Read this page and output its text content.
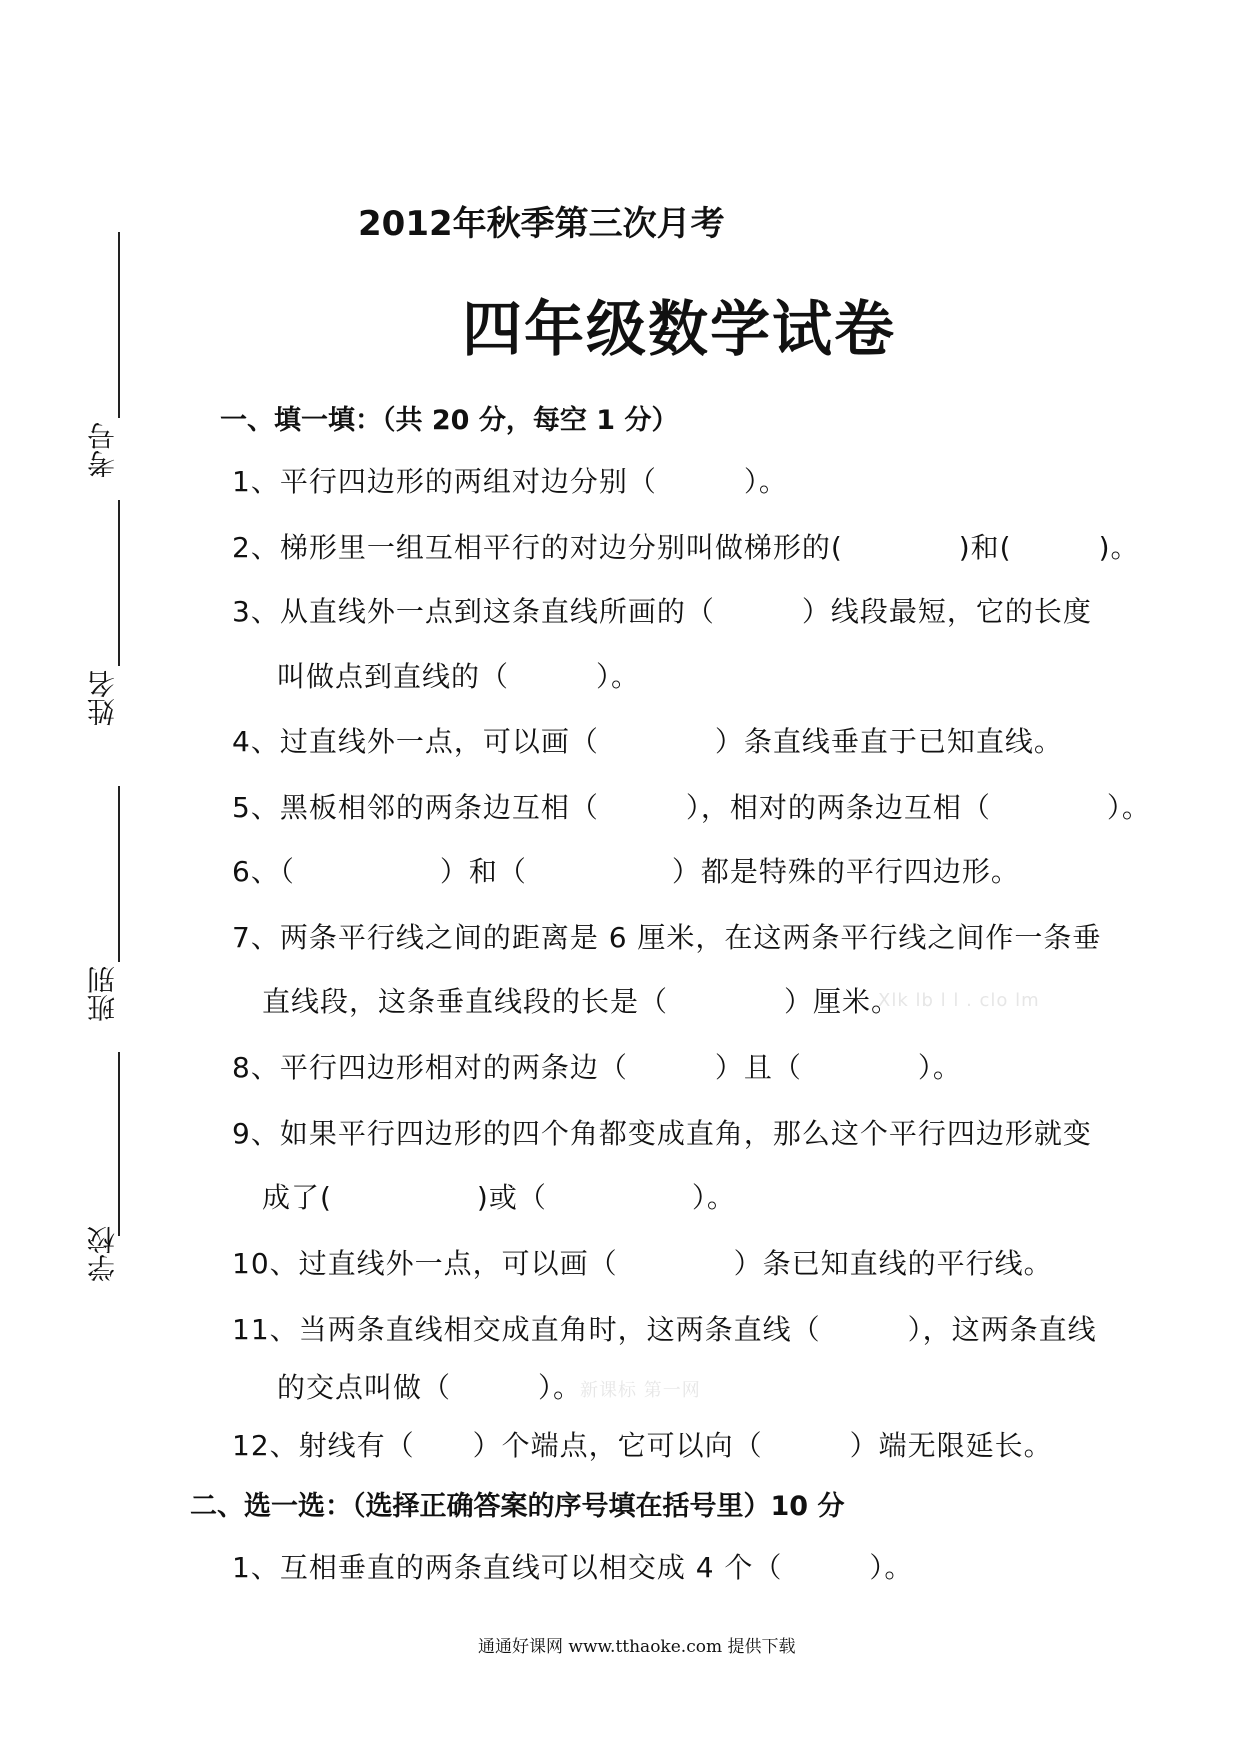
考号
姓名
班别
学校
2012年秋季第三次月考
四年级数学试卷
一、填一填：（共 20 分，每空 1 分）
1、平行四边形的两组对边分别（　　　）。
2、梯形里一组互相平行的对边分别叫做梯形的(　　　　)和(　　　)。
3、从直线外一点到这条直线所画的（　　　）线段最短，它的长度
叫做点到直线的（　　　）。
4、过直线外一点，可以画（　　　　）条直线垂直于已知直线。
5、黑板相邻的两条边互相（　　　），相对的两条边互相（　　　　）。
6、（　　　　　）和（　　　　　）都是特殊的平行四边形。
7、两条平行线之间的距离是 6 厘米，在这两条平行线之间作一条垂
直线段，这条垂直线段的长是（　　　　）厘米。
Xlk lb l l . clo lm
8、平行四边形相对的两条边（　　　）且（　　　　）。
9、如果平行四边形的四个角都变成直角，那么这个平行四边形就变
成了(　　　　　)或（　　　　　）。
10、过直线外一点，可以画（　　　　）条已知直线的平行线。
11、当两条直线相交成直角时，这两条直线（　　　），这两条直线
的交点叫做（　　　）。
新课标 第一网
12、射线有（　　）个端点，它可以向（　　　）端无限延长。
二、选一选：（选择正确答案的序号填在括号里）10 分
1、互相垂直的两条直线可以相交成 4 个（　　　）。
通通好课网 www.tthaoke.com 提供下载
